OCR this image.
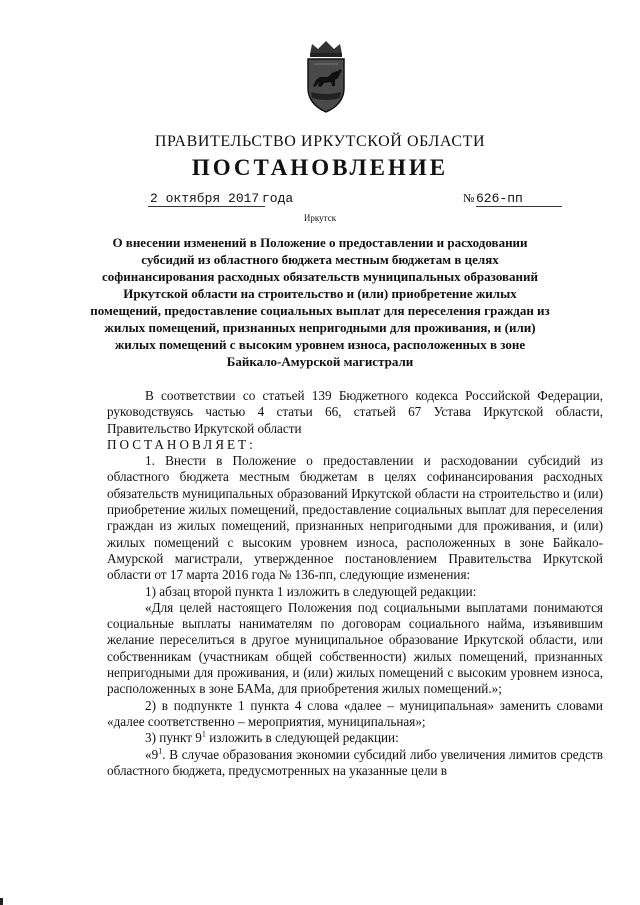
ПРАВИТЕЛЬСТВО ИРКУТСКОЙ ОБЛАСТИ
ПОСТАНОВЛЕНИЕ
2 октября 2017 года	№ 626-пп
Иркутск
О внесении изменений в Положение о предоставлении и расходовании субсидий из областного бюджета местным бюджетам в целях софинансирования расходных обязательств муниципальных образований Иркутской области на строительство и (или) приобретение жилых помещений, предоставление социальных выплат для переселения граждан из жилых помещений, признанных непригодными для проживания, и (или) жилых помещений с высоким уровнем износа, расположенных в зоне Байкало-Амурской магистрали

В соответствии со статьей 139 Бюджетного кодекса Российской Федерации, руководствуясь частью 4 статьи 66, статьей 67 Устава Иркутской области, Правительство Иркутской области

ПОСТАНОВЛЯЕТ:

1. Внести в Положение о предоставлении и расходовании субсидий из областного бюджета местным бюджетам в целях софинансирования расходных обязательств муниципальных образований Иркутской области на строительство и (или) приобретение жилых помещений, предоставление социальных выплат для переселения граждан из жилых помещений, признанных непригодными для проживания, и (или) жилых помещений с высоким уровнем износа, расположенных в зоне Байкало-Амурской магистрали, утвержденное постановлением Правительства Иркутской области от 17 марта 2016 года № 136-пп, следующие изменения:

1) абзац второй пункта 1 изложить в следующей редакции:

«Для целей настоящего Положения под социальными выплатами понимаются социальные выплаты нанимателям по договорам социального найма, изъявившим желание переселиться в другое муниципальное образование Иркутской области, или собственникам (участникам общей собственности) жилых помещений, признанных непригодными для проживания, и (или) жилых помещений с высоким уровнем износа, расположенных в зоне БАМа, для приобретения жилых помещений.»;

2) в подпункте 1 пункта 4 слова «далее – муниципальная» заменить словами «далее соответственно – мероприятия, муниципальная»;

3) пункт $9^1$ изложить в следующей редакции:

«$9^1$. В случае образования экономии субсидий либо увеличения лимитов средств областного бюджета, предусмотренных на указанные цели в
